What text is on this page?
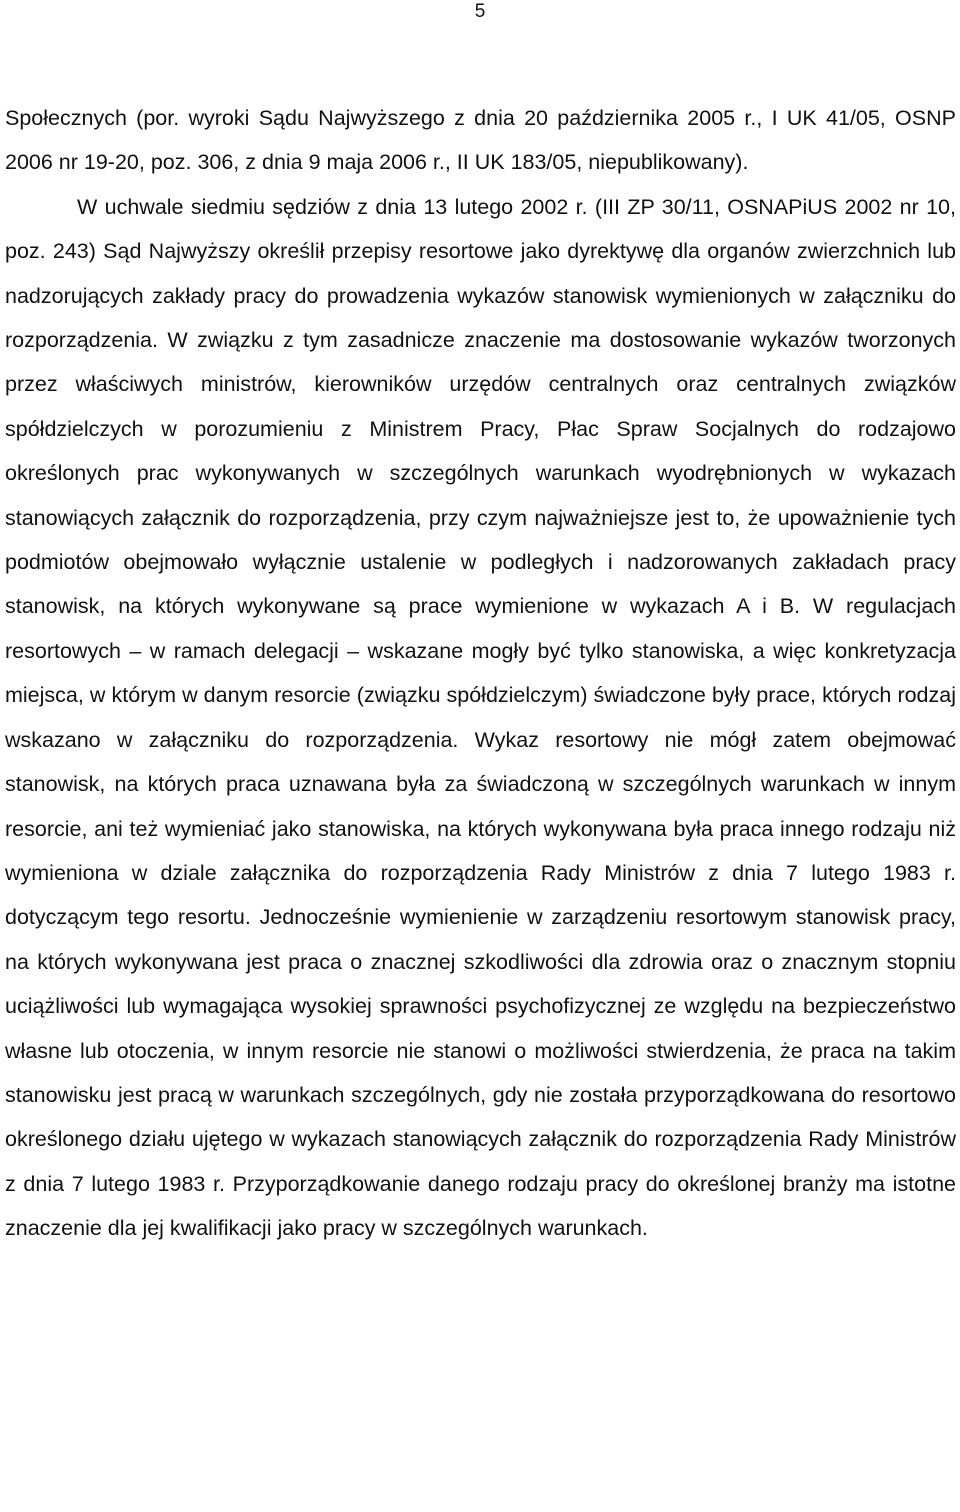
5

Społecznych (por. wyroki Sądu Najwyższego z dnia 20 października 2005 r., I UK 41/05, OSNP 2006 nr 19-20, poz. 306, z dnia 9 maja 2006 r., II UK 183/05, niepublikowany).

W uchwale siedmiu sędziów z dnia 13 lutego 2002 r. (III ZP 30/11, OSNAPiUS 2002 nr 10, poz. 243) Sąd Najwyższy określił przepisy resortowe jako dyrektywę dla organów zwierzchnich lub nadzorujących zakłady pracy do prowadzenia wykazów stanowisk wymienionych w załączniku do rozporządzenia. W związku z tym zasadnicze znaczenie ma dostosowanie wykazów tworzonych przez właściwych ministrów, kierowników urzędów centralnych oraz centralnych związków spółdzielczych w porozumieniu z Ministrem Pracy, Płac Spraw Socjalnych do rodzajowo określonych prac wykonywanych w szczególnych warunkach wyodrębnionych w wykazach stanowiących załącznik do rozporządzenia, przy czym najważniejsze jest to, że upoważnienie tych podmiotów obejmowało wyłącznie ustalenie w podległych i nadzorowanych zakładach pracy stanowisk, na których wykonywane są prace wymienione w wykazach A i B. W regulacjach resortowych – w ramach delegacji – wskazane mogły być tylko stanowiska, a więc konkretyzacja miejsca, w którym w danym resorcie (związku spółdzielczym) świadczone były prace, których rodzaj wskazano w załączniku do rozporządzenia. Wykaz resortowy nie mógł zatem obejmować stanowisk, na których praca uznawana była za świadczoną w szczególnych warunkach w innym resorcie, ani też wymieniać jako stanowiska, na których wykonywana była praca innego rodzaju niż wymieniona w dziale załącznika do rozporządzenia Rady Ministrów z dnia 7 lutego 1983 r. dotyczącym tego resortu. Jednocześnie wymienienie w zarządzeniu resortowym stanowisk pracy, na których wykonywana jest praca o znacznej szkodliwości dla zdrowia oraz o znacznym stopniu uciążliwości lub wymagająca wysokiej sprawności psychofizycznej ze względu na bezpieczeństwo własne lub otoczenia, w innym resorcie nie stanowi o możliwości stwierdzenia, że praca na takim stanowisku jest pracą w warunkach szczególnych, gdy nie została przyporządkowana do resortowo określonego działu ujętego w wykazach stanowiących załącznik do rozporządzenia Rady Ministrów z dnia 7 lutego 1983 r. Przyporządkowanie danego rodzaju pracy do określonej branży ma istotne znaczenie dla jej kwalifikacji jako pracy w szczególnych warunkach.
